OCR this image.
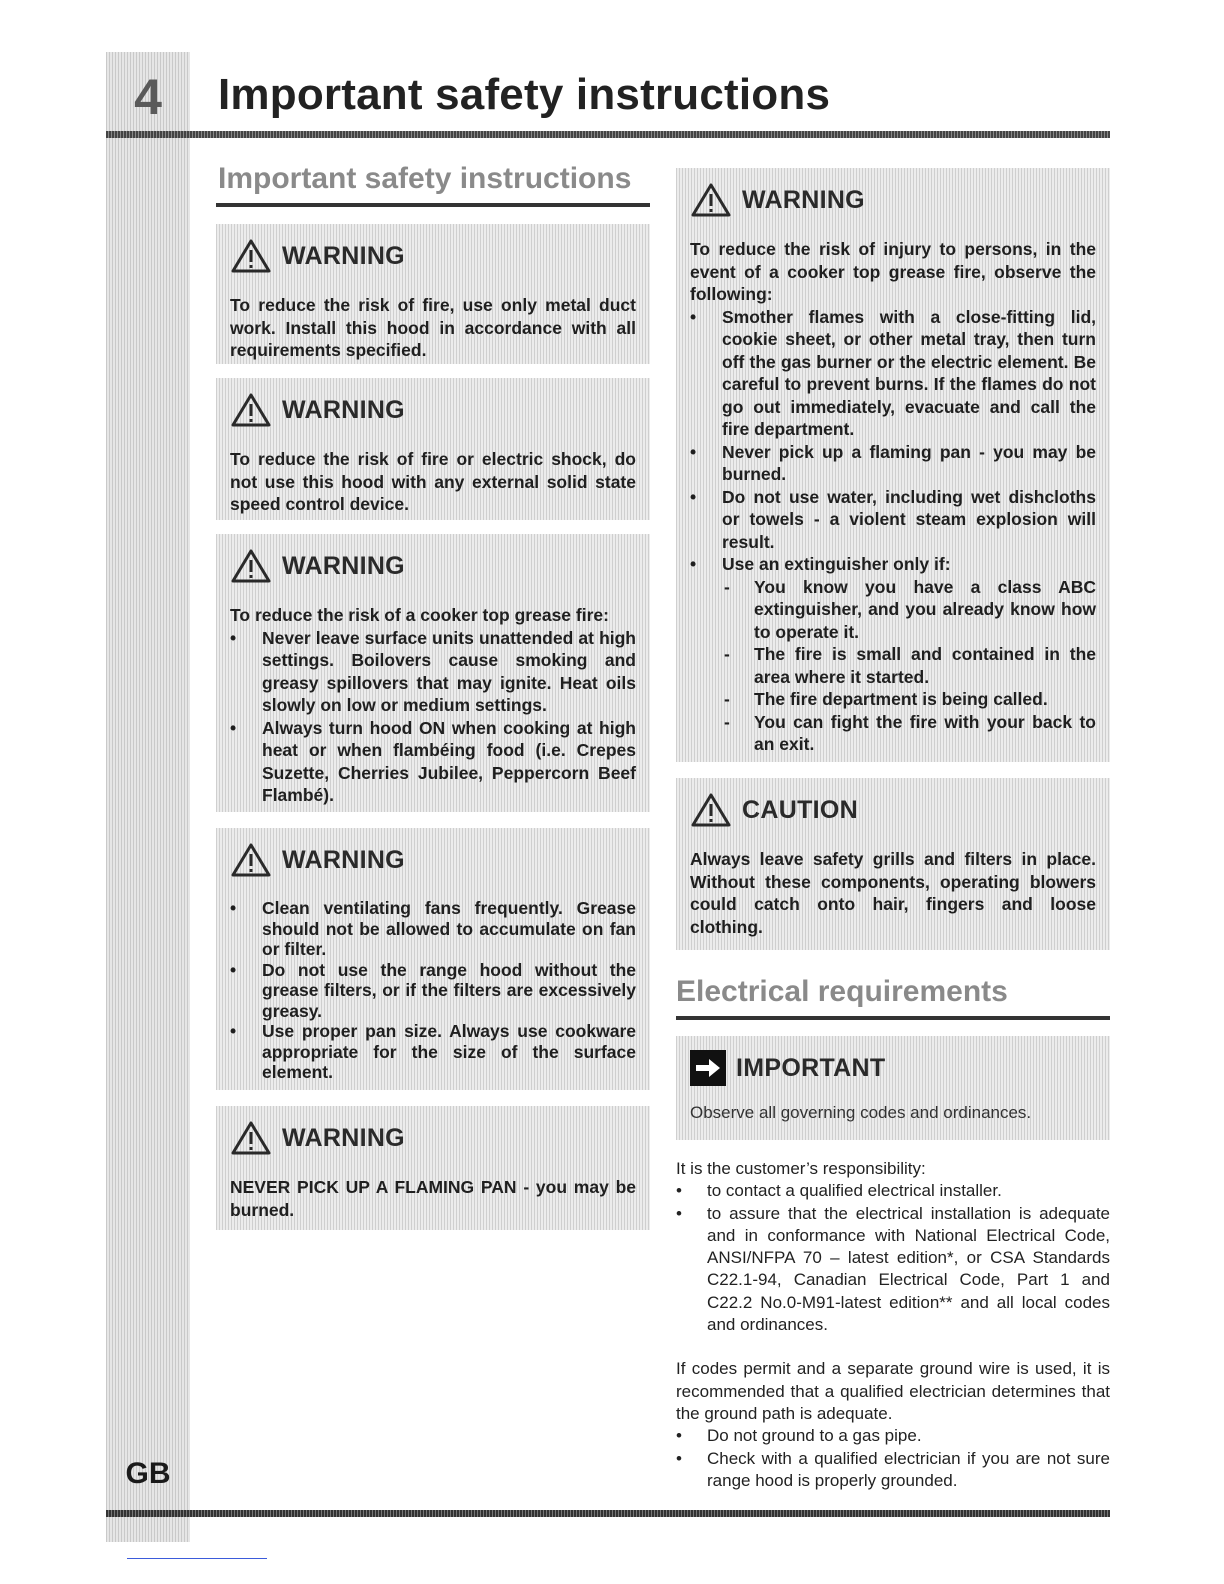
4	Important safety instructions
Important safety instructions
WARNING
To reduce the risk of fire, use only metal duct work. Install this hood in accordance with all requirements specified.
WARNING
To reduce the risk of fire or electric shock, do not use this hood with any external solid state speed control device.
WARNING
To reduce the risk of a cooker top grease fire:
• Never leave surface units unattended at high settings. Boilovers cause smoking and greasy spillovers that may ignite. Heat oils slowly on low or medium settings.
• Always turn hood ON when cooking at high heat or when flambéing food (i.e. Crepes Suzette, Cherries Jubilee, Peppercorn Beef Flambé).
WARNING
• Clean ventilating fans frequently. Grease should not be allowed to accumulate on fan or filter.
• Do not use the range hood without the grease filters, or if the filters are excessively greasy.
• Use proper pan size. Always use cookware appropriate for the size of the surface element.
WARNING
NEVER PICK UP A FLAMING PAN - you may be burned.
WARNING
To reduce the risk of injury to persons, in the event of a cooker top grease fire, observe the following:
• Smother flames with a close-fitting lid, cookie sheet, or other metal tray, then turn off the gas burner or the electric element. Be careful to prevent burns. If the flames do not go out immediately, evacuate and call the fire department.
• Never pick up a flaming pan - you may be burned.
• Do not use water, including wet dishcloths or towels - a violent steam explosion will result.
• Use an extinguisher only if:
- You know you have a class ABC extinguisher, and you already know how to operate it.
- The fire is small and contained in the area where it started.
- The fire department is being called.
- You can fight the fire with your back to an exit.
CAUTION
Always leave safety grills and filters in place. Without these components, operating blowers could catch onto hair, fingers and loose clothing.
Electrical requirements
IMPORTANT
Observe all governing codes and ordinances.
It is the customer’s responsibility:
• to contact a qualified electrical installer.
• to assure that the electrical installation is adequate and in conformance with National Electrical Code, ANSI/NFPA 70 – latest edition*, or CSA Standards C22.1-94, Canadian Electrical Code, Part 1 and C22.2 No.0-M91-latest edition** and all local codes and ordinances.
If codes permit and a separate ground wire is used, it is recommended that a qualified electrician determines that the ground path is adequate.
• Do not ground to a gas pipe.
• Check with a qualified electrician if you are not sure range hood is properly grounded.
GB
